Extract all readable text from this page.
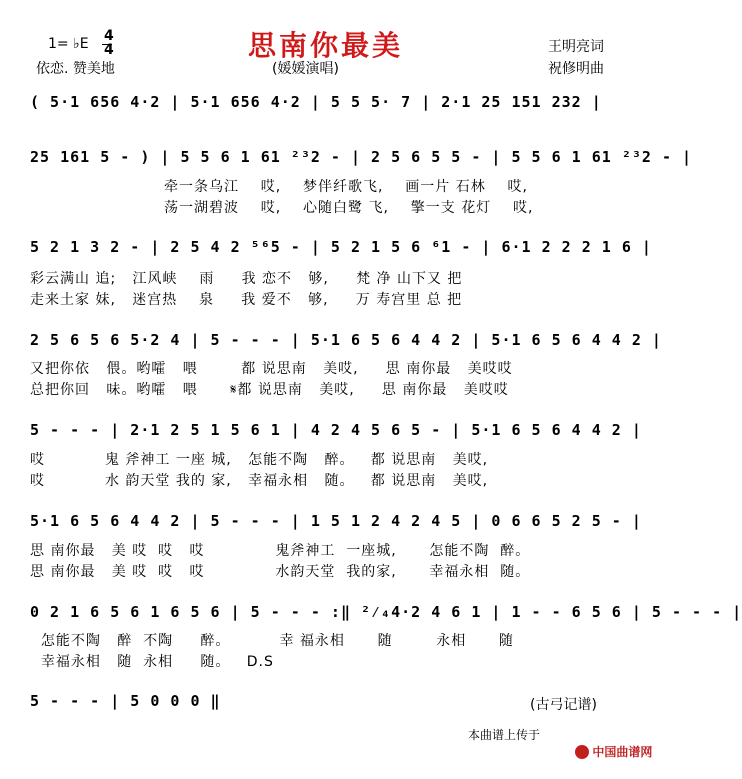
1= ♭E 4
4	思南你最美	王明亮词
依恋. 赞美地	(媛媛演唱)	祝修明曲
( 5·1 656 4·2 | 5·1 656 4·2 | 5 5 5· 7 | 2·1 25 151 232 |
25 161 5 - ) | 5 5 6 1 61 ²³2 - | 2 5 6 5 5 - | 5 5 6 1 61 ²³2 - |
牵一条乌江    哎,    梦伴纤歌飞,    画一片 石林    哎,
荡一湖碧波    哎,    心随白鹭 飞,    擎一支 花灯    哎,
5 2 1 3 2 - | 2 5 4 2 ⁵⁶5 - | 5 2 1 5 6 ⁶1 - | 6·1 2 2 2 1 6 |
彩云满山 追;   江风峡    雨     我 恋不   够,     梵 净 山下又 把
走来土家 妹,   迷宫热    泉     我 爱不   够,     万 寿宫里 总 把
2 5 6 5 6 5·2 4 | 5 - - - | 5·1 6 5 6 4 4 2 | 5·1 6 5 6 4 4 2 |
又把你依   偎。哟嚯   喂        都 说思南   美哎,     思 南你最   美哎哎
总把你回   味。哟嚯   喂      𝄋都 说思南   美哎,     思 南你最   美哎哎
5 - - - | 2·1 2 5 1 5 6 1 | 4 2 4 5 6 5 - | 5·1 6 5 6 4 4 2 |
哎           鬼 斧神工 一座 城,   怎能不陶   醉。   都 说思南   美哎,
哎           水 韵天堂 我的 家,   幸福永相   随。   都 说思南   美哎,
5·1 6 5 6 4 4 2 | 5 - - - | 1 5 1 2 4 2 4 5 | 0 6 6 5 2 5 - |
思 南你最   美 哎  哎   哎             鬼斧神工  一座城,      怎能不陶  醉。
思 南你最   美 哎  哎   哎             水韵天堂  我的家,      幸福永相  随。
0 2 1 6 5 6 1 6 5 6 | 5 - - - :‖ ²⁄₄4·2 4 6 1 | 1 - - 6 5 6 | 5 - - - |
怎能不陶   醉  不陶     醉。         幸 福永相      随        永相      随
幸福永相   随  永相     随。   D.S
5 - - - | 5 0 0 0 ‖	(古弓记谱)
本曲谱上传于

中国曲谱网
